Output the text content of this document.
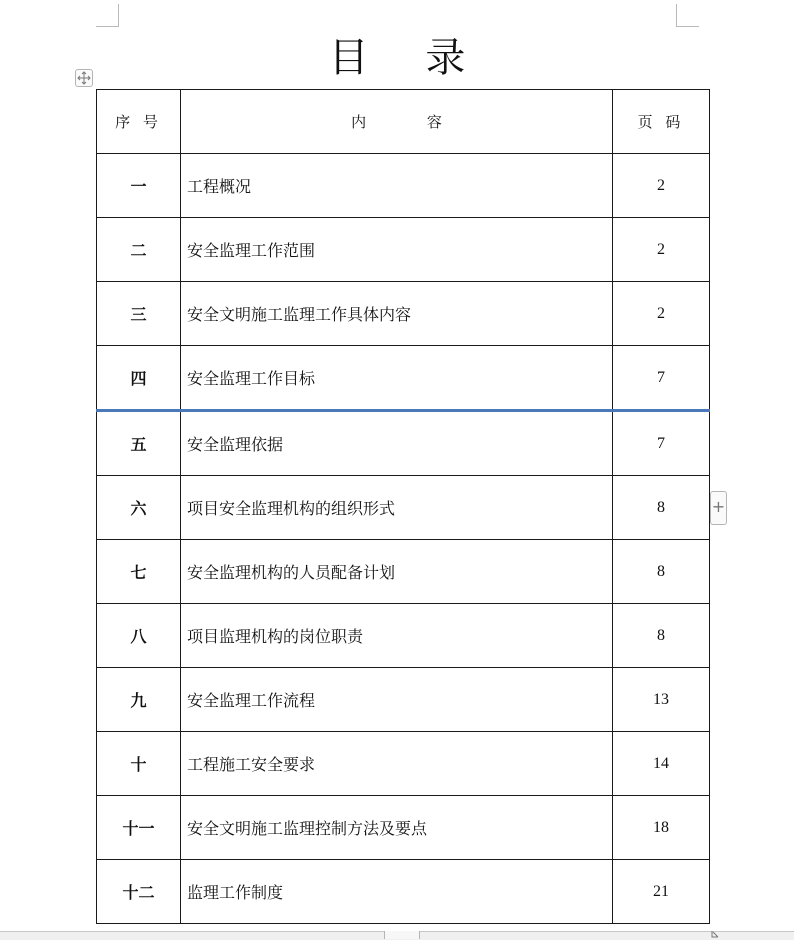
目 录
序 号	内 容	页 码
一	工程概况	2
二	安全监理工作范围	2
三	安全文明施工监理工作具体内容	2
四	安全监理工作目标	7
五	安全监理依据	7
六	项目安全监理机构的组织形式	8
七	安全监理机构的人员配备计划	8
八	项目监理机构的岗位职责	8
九	安全监理工作流程	13
十	工程施工安全要求	14
十一	安全文明施工监理控制方法及要点	18
十二	监理工作制度	21
+
